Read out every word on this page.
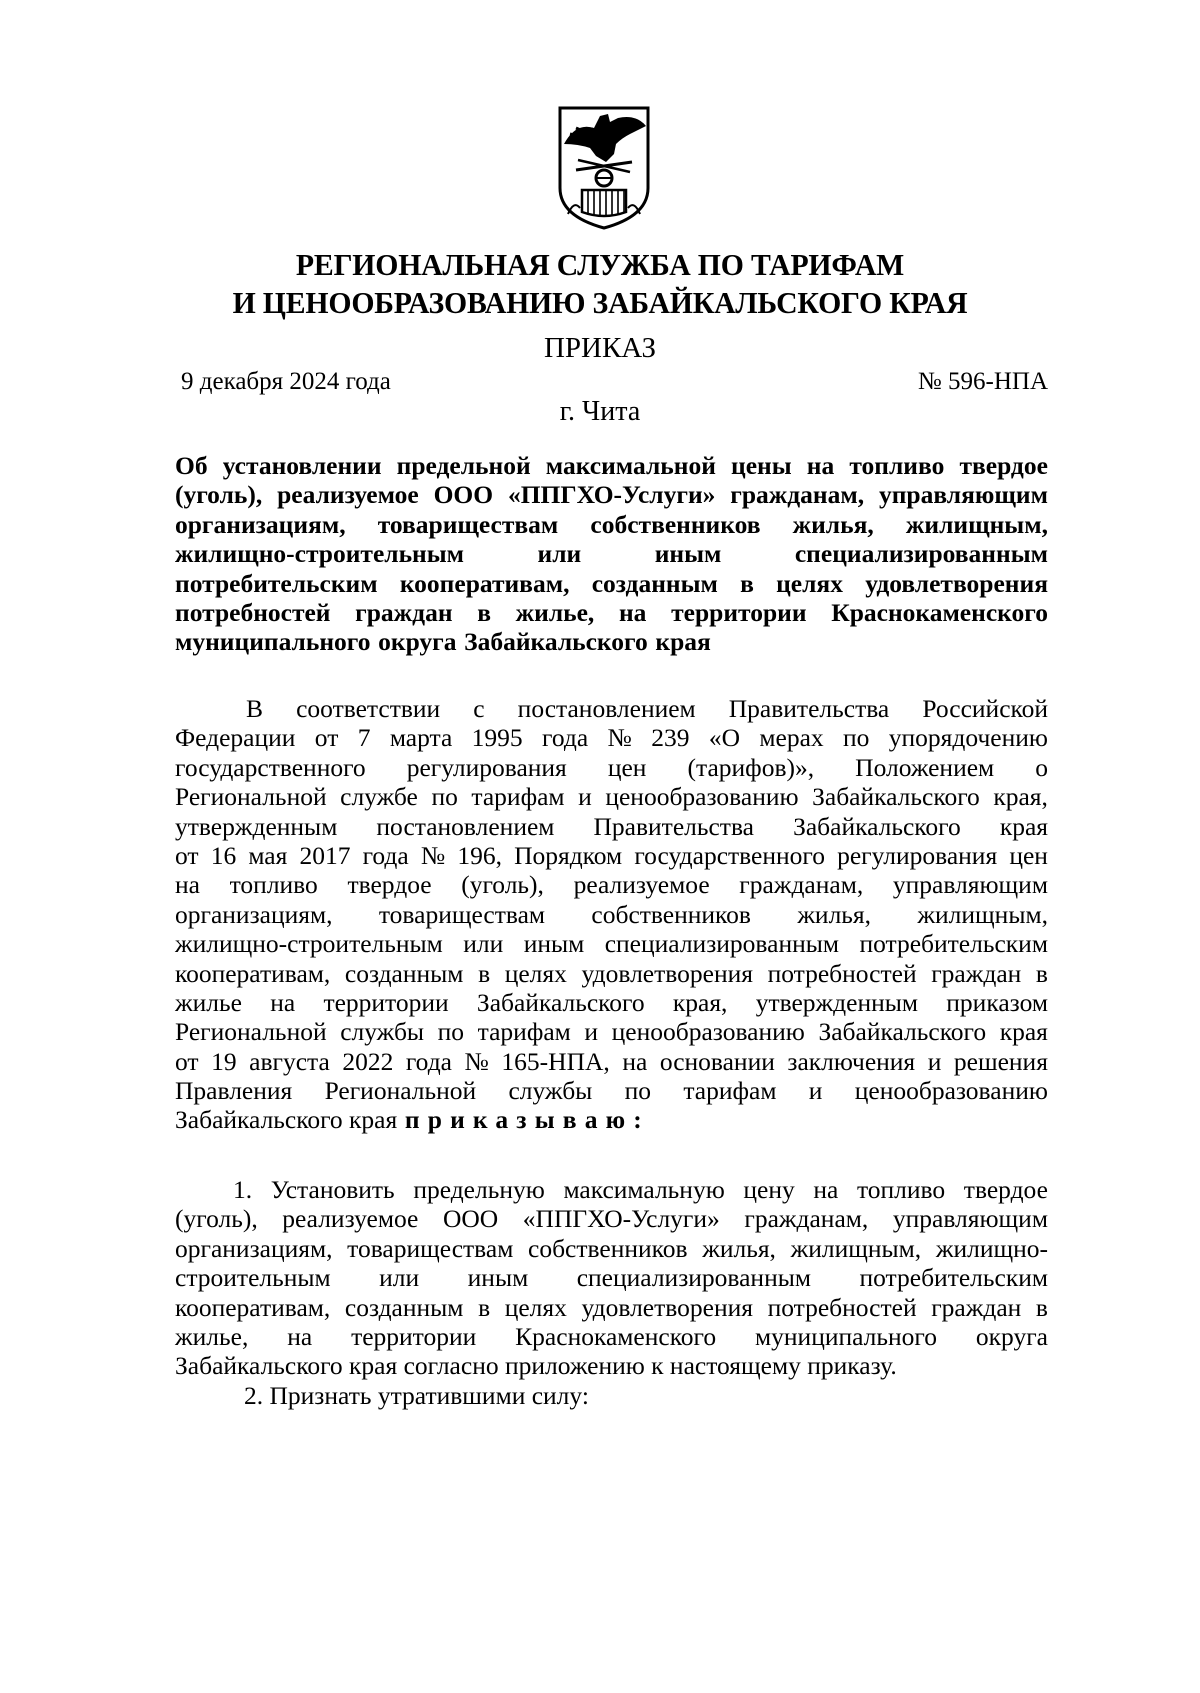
РЕГИОНАЛЬНАЯ СЛУЖБА ПО ТАРИФАМ
И ЦЕНООБРАЗОВАНИЮ ЗАБАЙКАЛЬСКОГО КРАЯ
ПРИКАЗ
9 декабря 2024 года	№ 596-НПА
г. Чита
Об установлении предельной максимальной цены на топливо твердое
(уголь), реализуемое ООО «ППГХО-Услуги» гражданам, управляющим
организациям, товариществам собственников жилья, жилищным,
жилищно-строительным	или	иным	специализированным
потребительским кооперативам, созданным в целях удовлетворения
потребностей граждан в жилье, на территории Краснокаменского
муниципального округа Забайкальского края
В соответствии с постановлением Правительства Российской
Федерации от 7 марта 1995 года № 239 «О мерах по упорядочению
государственного регулирования цен (тарифов)», Положением о
Региональной службе по тарифам и ценообразованию Забайкальского края,
утвержденным постановлением Правительства Забайкальского края
от 16 мая 2017 года № 196, Порядком государственного регулирования цен
на топливо твердое (уголь), реализуемое гражданам, управляющим
организациям, товариществам собственников жилья, жилищным,
жилищно-строительным или иным специализированным потребительским
кооперативам, созданным в целях удовлетворения потребностей граждан в
жилье на территории Забайкальского края, утвержденным приказом
Региональной службы по тарифам и ценообразованию Забайкальского края
от 19 августа 2022 года № 165-НПА, на основании заключения и решения
Правления Региональной службы по тарифам и ценообразованию
Забайкальского края приказываю:
1. Установить предельную максимальную цену на топливо твердое
(уголь), реализуемое ООО «ППГХО-Услуги» гражданам, управляющим
организациям, товариществам собственников жилья, жилищным, жилищно-
строительным или иным специализированным потребительским
кооперативам, созданным в целях удовлетворения потребностей граждан в
жилье, на территории Краснокаменского муниципального округа
Забайкальского края согласно приложению к настоящему приказу.
2. Признать утратившими силу:
